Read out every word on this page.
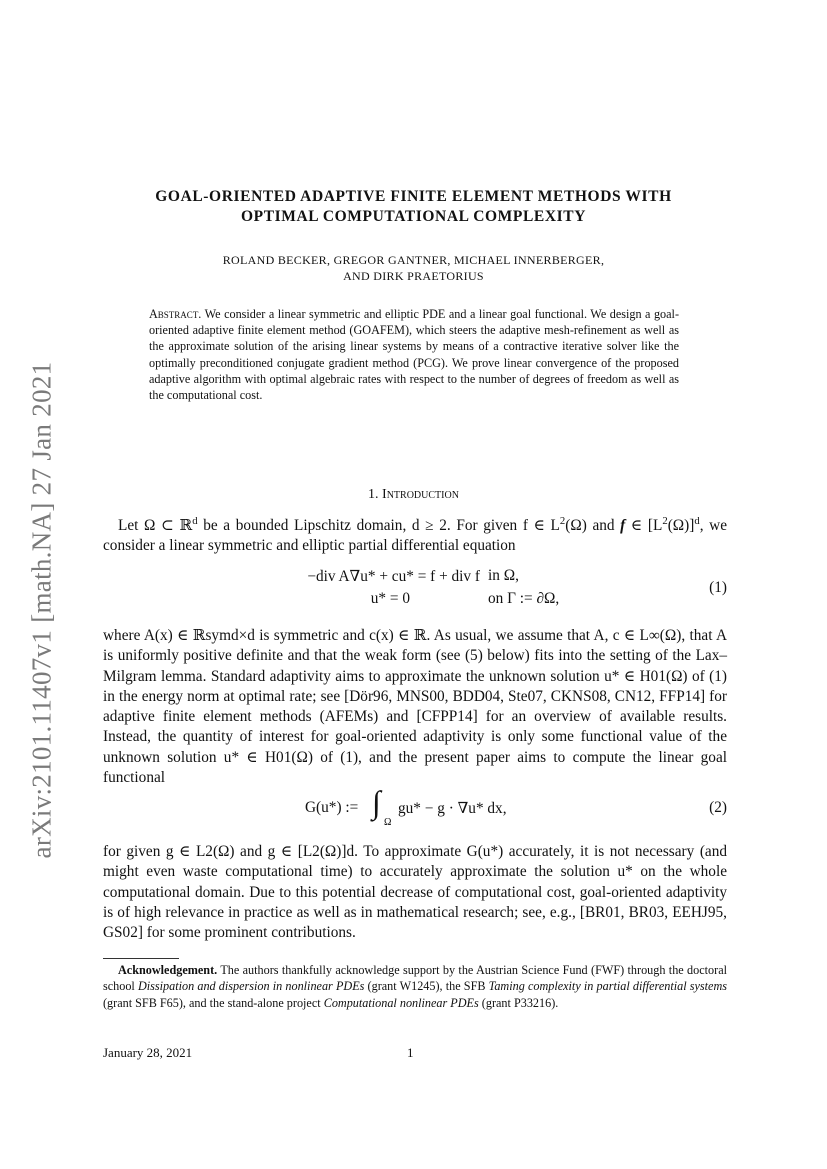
arXiv:2101.11407v1 [math.NA] 27 Jan 2021
GOAL-ORIENTED ADAPTIVE FINITE ELEMENT METHODS WITH
OPTIMAL COMPUTATIONAL COMPLEXITY
ROLAND BECKER, GREGOR GANTNER, MICHAEL INNERBERGER,
AND DIRK PRAETORIUS
Abstract. We consider a linear symmetric and elliptic PDE and a linear goal functional. We design a goal-oriented adaptive finite element method (GOAFEM), which steers the adaptive mesh-refinement as well as the approximate solution of the arising linear systems by means of a contractive iterative solver like the optimally preconditioned conjugate gradient method (PCG). We prove linear convergence of the proposed adaptive algorithm with optimal algebraic rates with respect to the number of degrees of freedom as well as the computational cost.
1. Introduction
Let Ω ⊂ ℝ$^d$ be a bounded Lipschitz domain, d ≥ 2. For given f ∈ $L^2(\Omega)$ and f ∈ $[L^2(\Omega)]^d$, we consider a linear symmetric and elliptic partial differential equation
−div A∇u* + cu* = f + div f in Ω,
u* = 0	on Γ := ∂Ω,
(1)
where A(x) ∈ ℝsymd×d is symmetric and c(x) ∈ ℝ. As usual, we assume that A, c ∈ L∞(Ω), that A is uniformly positive definite and that the weak form (see (5) below) fits into the setting of the Lax–Milgram lemma. Standard adaptivity aims to approximate the unknown solution u* ∈ H01(Ω) of (1) in the energy norm at optimal rate; see [Dör96, MNS00, BDD04, Ste07, CKNS08, CN12, FFP14] for adaptive finite element methods (AFEMs) and [CFPP14] for an overview of available results. Instead, the quantity of interest for goal-oriented adaptivity is only some functional value of the unknown solution u* ∈ H01(Ω) of (1), and the present paper aims to compute the linear goal functional
G(u*) := ∫
Ω
gu* − g · ∇u* dx,	(2)
for given g ∈ L2(Ω) and g ∈ [L2(Ω)]d. To approximate G(u*) accurately, it is not necessary (and might even waste computational time) to accurately approximate the solution u* on the whole computational domain. Due to this potential decrease of computational cost, goal-oriented adaptivity is of high relevance in practice as well as in mathematical research; see, e.g., [BR01, BR03, EEHJ95, GS02] for some prominent contributions.
Acknowledgement. The authors thankfully acknowledge support by the Austrian Science Fund (FWF) through the doctoral school Dissipation and dispersion in nonlinear PDEs (grant W1245), the SFB Taming complexity in partial differential systems (grant SFB F65), and the stand-alone project Computational nonlinear PDEs (grant P33216).
January 28, 2021	1
